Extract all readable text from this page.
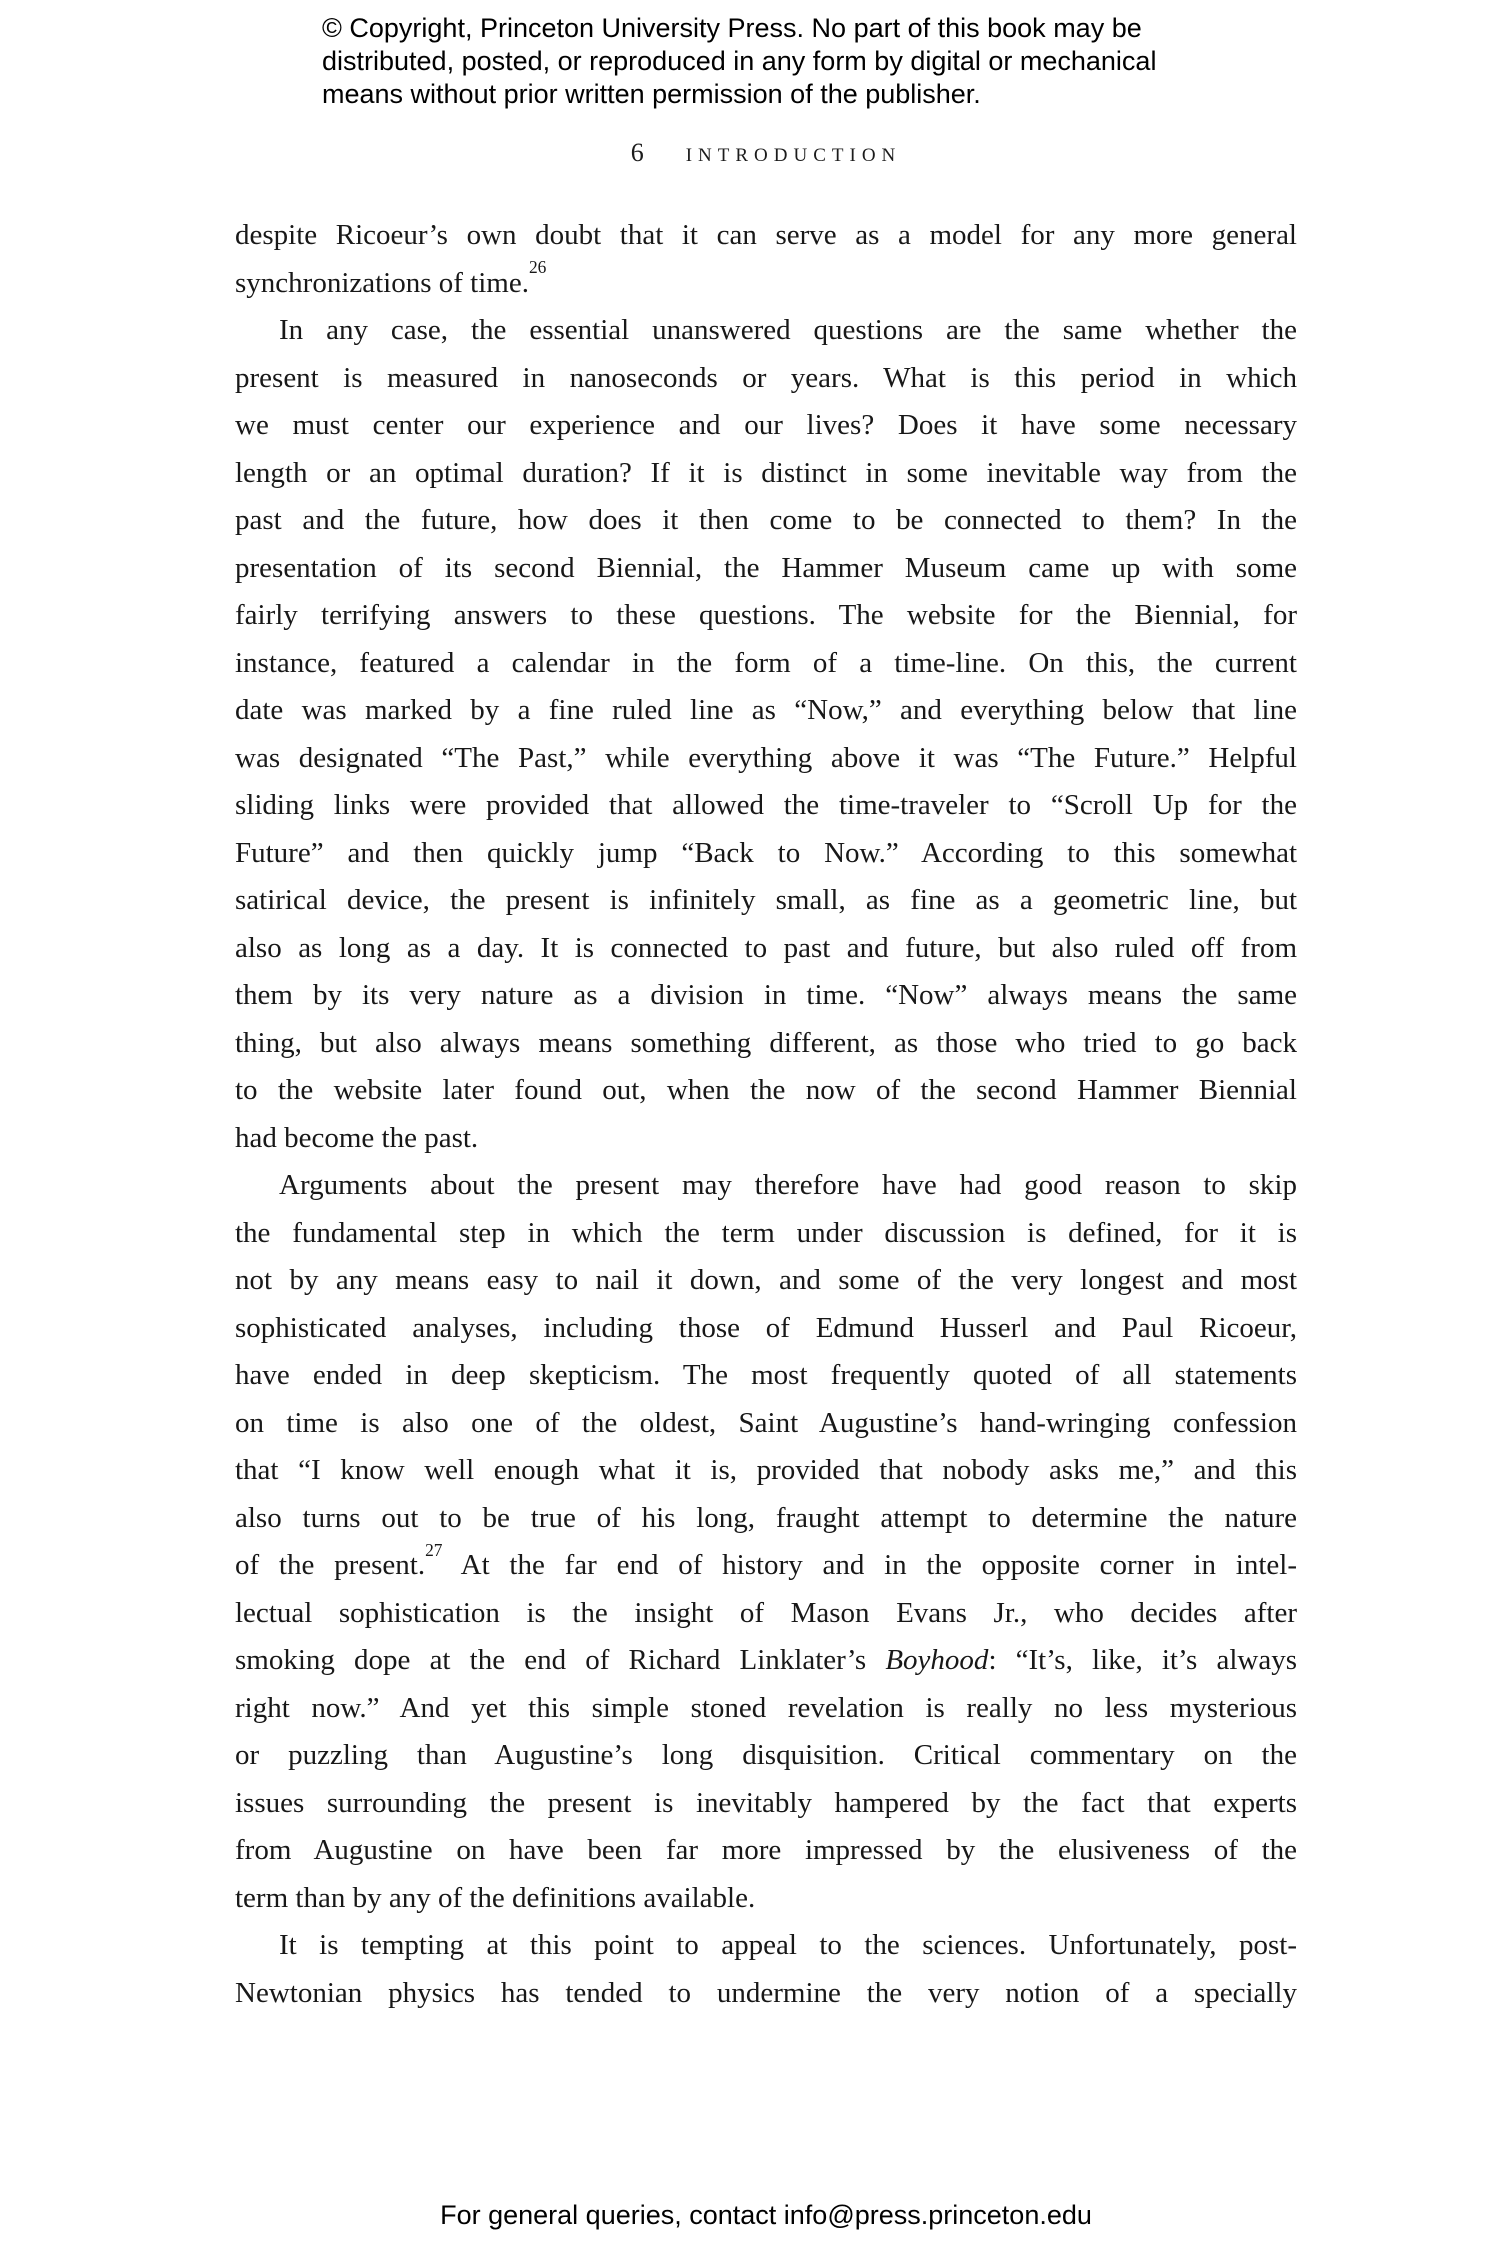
© Copyright, Princeton University Press. No part of this book may be
distributed, posted, or reproduced in any form by digital or mechanical
means without prior written permission of the publisher.
6 INTRODUCTION
despite Ricoeur’s own doubt that it can serve as a model for any more general
synchronizations of time.$^{26}$
In any case, the essential unanswered questions are the same whether the
present is measured in nanoseconds or years. What is this period in which
we must center our experience and our lives? Does it have some necessary
length or an optimal duration? If it is distinct in some inevitable way from the
past and the future, how does it then come to be connected to them? In the
presentation of its second Biennial, the Hammer Museum came up with some
fairly terrifying answers to these questions. The website for the Biennial, for
instance, featured a calendar in the form of a time-line. On this, the current
date was marked by a fine ruled line as “Now,” and everything below that line
was designated “The Past,” while everything above it was “The Future.” Helpful
sliding links were provided that allowed the time-traveler to “Scroll Up for the
Future” and then quickly jump “Back to Now.” According to this somewhat
satirical device, the present is infinitely small, as fine as a geometric line, but
also as long as a day. It is connected to past and future, but also ruled off from
them by its very nature as a division in time. “Now” always means the same
thing, but also always means something different, as those who tried to go back
to the website later found out, when the now of the second Hammer Biennial
had become the past.
Arguments about the present may therefore have had good reason to skip
the fundamental step in which the term under discussion is defined, for it is
not by any means easy to nail it down, and some of the very longest and most
sophisticated analyses, including those of Edmund Husserl and Paul Ricoeur,
have ended in deep skepticism. The most frequently quoted of all statements
on time is also one of the oldest, Saint Augustine’s hand-wringing confession
that “I know well enough what it is, provided that nobody asks me,” and this
also turns out to be true of his long, fraught attempt to determine the nature
of the present.$^{27}$ At the far end of history and in the opposite corner in intel-
lectual sophistication is the insight of Mason Evans Jr., who decides after
smoking dope at the end of Richard Linklater’s Boyhood: “It’s, like, it’s always
right now.” And yet this simple stoned revelation is really no less mysterious
or puzzling than Augustine’s long disquisition. Critical commentary on the
issues surrounding the present is inevitably hampered by the fact that experts
from Augustine on have been far more impressed by the elusiveness of the
term than by any of the definitions available.
It is tempting at this point to appeal to the sciences. Unfortunately, post-
Newtonian physics has tended to undermine the very notion of a specially
For general queries, contact info@press.princeton.edu
